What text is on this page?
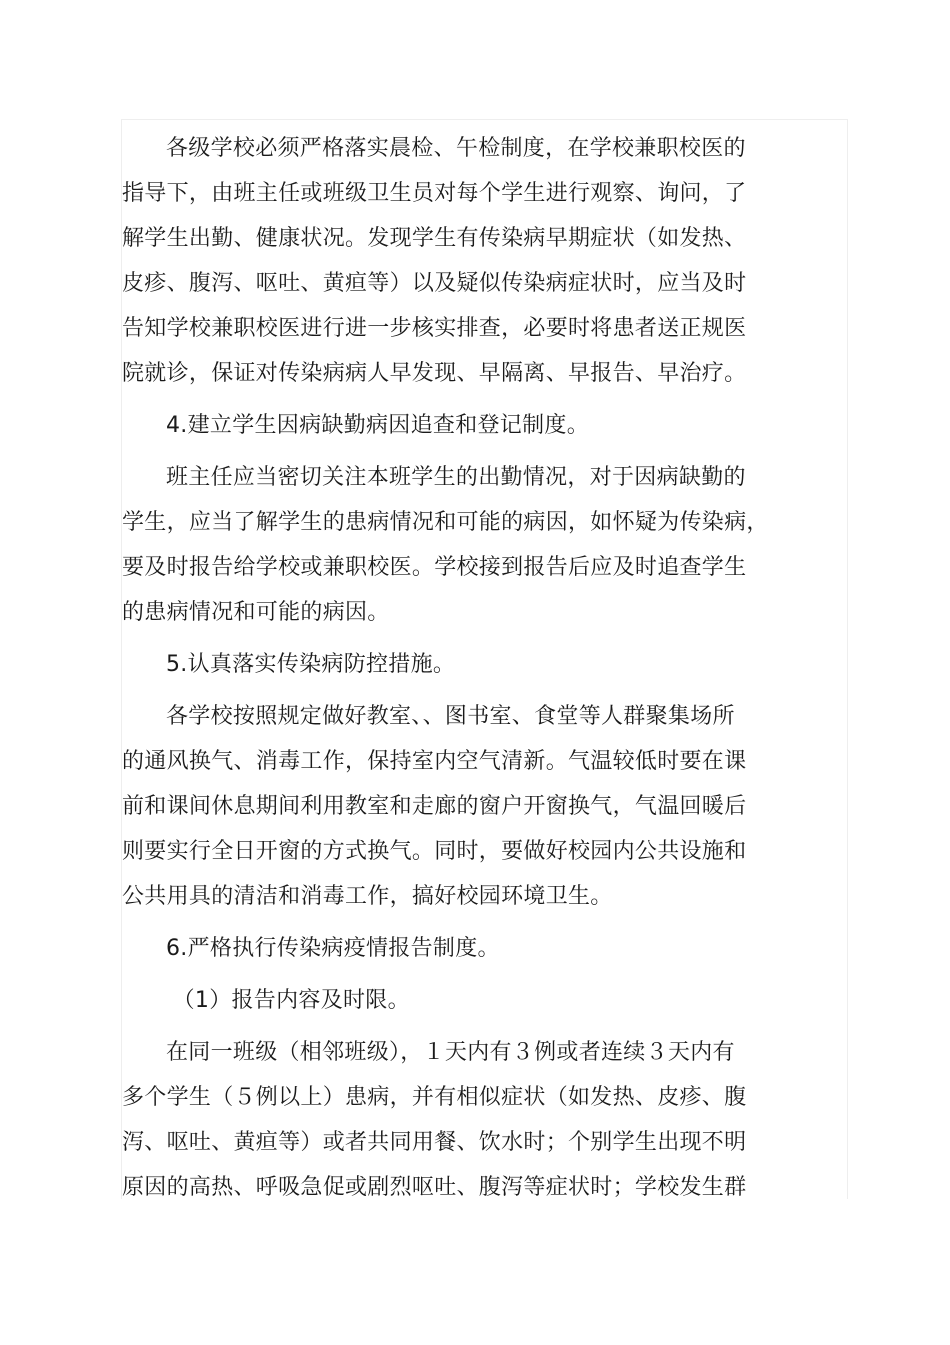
各级学校必须严格落实晨检、午检制度，在学校兼职校医的
指导下，由班主任或班级卫生员对每个学生进行观察、询问，了
解学生出勤、健康状况。发现学生有传染病早期症状（如发热、
皮疹、腹泻、呕吐、黄疸等）以及疑似传染病症状时，应当及时
告知学校兼职校医进行进一步核实排查，必要时将患者送正规医
院就诊，保证对传染病病人早发现、早隔离、早报告、早治疗。

4.建立学生因病缺勤病因追查和登记制度。

班主任应当密切关注本班学生的出勤情况，对于因病缺勤的
学生，应当了解学生的患病情况和可能的病因，如怀疑为传染病，
要及时报告给学校或兼职校医。学校接到报告后应及时追查学生
的患病情况和可能的病因。

5.认真落实传染病防控措施。

各学校按照规定做好教室、、图书室、食堂等人群聚集场所
的通风换气、消毒工作，保持室内空气清新。气温较低时要在课
前和课间休息期间利用教室和走廊的窗户开窗换气，气温回暖后
则要实行全日开窗的方式换气。同时，要做好校园内公共设施和
公共用具的清洁和消毒工作，搞好校园环境卫生。

6.严格执行传染病疫情报告制度。

（1）报告内容及时限。

在同一班级（相邻班级），１天内有３例或者连续３天内有
多个学生（５例以上）患病，并有相似症状（如发热、皮疹、腹
泻、呕吐、黄疸等）或者共同用餐、饮水时；个别学生出现不明
原因的高热、呼吸急促或剧烈呕吐、腹泻等症状时；学校发生群
